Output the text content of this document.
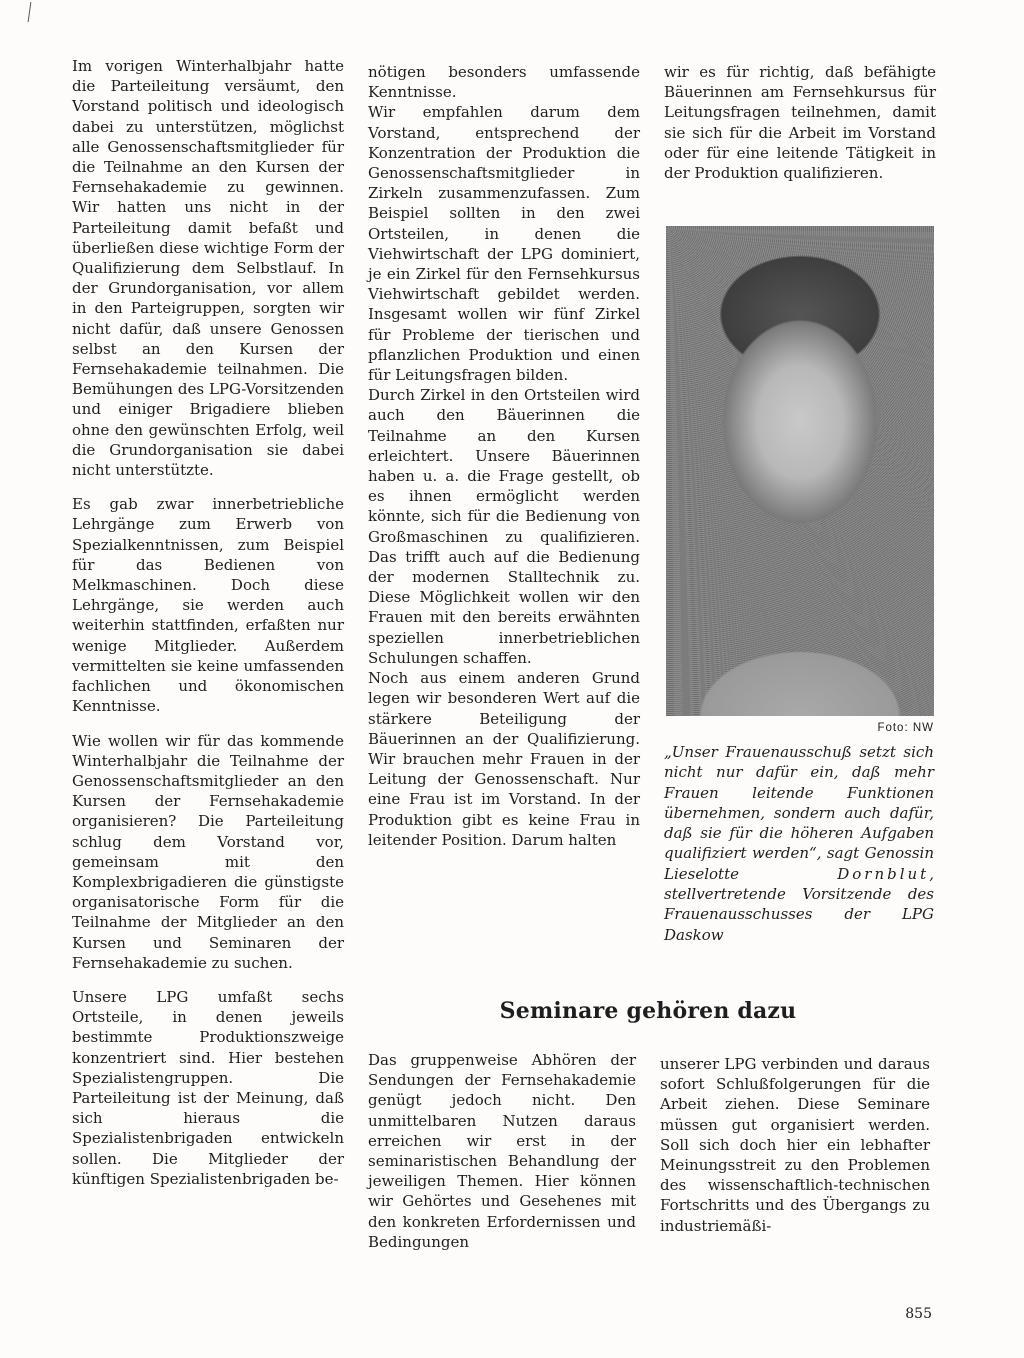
Im vorigen Winterhalbjahr hatte die Parteileitung versäumt, den Vorstand politisch und ideologisch dabei zu unterstützen, möglichst alle Genossenschaftsmitglieder für die Teilnahme an den Kursen der Fernsehakademie zu gewinnen. Wir hatten uns nicht in der Parteileitung damit befaßt und überließen diese wichtige Form der Qualifizierung dem Selbstlauf. In der Grundorganisation, vor allem in den Parteigruppen, sorgten wir nicht dafür, daß unsere Genossen selbst an den Kursen der Fernsehakademie teilnahmen. Die Bemühungen des LPG-Vorsitzenden und einiger Brigadiere blieben ohne den gewünschten Erfolg, weil die Grundorganisation sie dabei nicht unterstützte.

Es gab zwar innerbetriebliche Lehrgänge zum Erwerb von Spezialkenntnissen, zum Beispiel für das Bedienen von Melkmaschinen. Doch diese Lehrgänge, sie werden auch weiterhin stattfinden, erfaßten nur wenige Mitglieder. Außerdem vermittelten sie keine umfassenden fachlichen und ökonomischen Kenntnisse.

Wie wollen wir für das kommende Winterhalbjahr die Teilnahme der Genossenschaftsmitglieder an den Kursen der Fernsehakademie organisieren? Die Parteileitung schlug dem Vorstand vor, gemeinsam mit den Komplexbrigadieren die günstigste organisatorische Form für die Teilnahme der Mitglieder an den Kursen und Seminaren der Fernsehakademie zu suchen.

Unsere LPG umfaßt sechs Ortsteile, in denen jeweils bestimmte Produktionszweige konzentriert sind. Hier bestehen Spezialistengruppen. Die Parteileitung ist der Meinung, daß sich hieraus die Spezialistenbrigaden entwickeln sollen. Die Mitglieder der künftigen Spezialistenbrigaden be-

nötigen besonders umfassende Kenntnisse.

Wir empfahlen darum dem Vorstand, entsprechend der Konzentration der Produktion die Genossenschaftsmitglieder in Zirkeln zusammenzufassen. Zum Beispiel sollten in den zwei Ortsteilen, in denen die Viehwirtschaft der LPG dominiert, je ein Zirkel für den Fernsehkursus Viehwirtschaft gebildet werden. Insgesamt wollen wir fünf Zirkel für Probleme der tierischen und pflanzlichen Produktion und einen für Leitungsfragen bilden.

Durch Zirkel in den Ortsteilen wird auch den Bäuerinnen die Teilnahme an den Kursen erleichtert. Unsere Bäuerinnen haben u. a. die Frage gestellt, ob es ihnen ermöglicht werden könnte, sich für die Bedienung von Großmaschinen zu qualifizieren. Das trifft auch auf die Bedienung der modernen Stalltechnik zu. Diese Möglichkeit wollen wir den Frauen mit den bereits erwähnten speziellen innerbetrieblichen Schulungen schaffen.

Noch aus einem anderen Grund legen wir besonderen Wert auf die stärkere Beteiligung der Bäuerinnen an der Qualifizierung. Wir brauchen mehr Frauen in der Leitung der Genossenschaft. Nur eine Frau ist im Vorstand. In der Produktion gibt es keine Frau in leitender Position. Darum halten

wir es für richtig, daß befähigte Bäuerinnen am Fernsehkursus für Leitungsfragen teilnehmen, damit sie sich für die Arbeit im Vorstand oder für eine leitende Tätigkeit in der Produktion qualifizieren.

Foto: NW
„Unser Frauenausschuß setzt sich nicht nur dafür ein, daß mehr Frauen leitende Funktionen übernehmen, sondern auch dafür, daß sie für die höheren Aufgaben qualifiziert werden“, sagt Genossin Lieselotte	Dornblut, stellvertretende Vorsitzende des Frauenausschusses der LPG Daskow
Seminare gehören dazu

Das gruppenweise Abhören der Sendungen der Fernsehakademie genügt jedoch nicht. Den unmittelbaren Nutzen daraus erreichen wir erst in der seminaristischen Behandlung der jeweiligen Themen. Hier können wir Gehörtes und Gesehenes mit den konkreten Erfordernissen und Bedingungen

unserer LPG verbinden und daraus sofort Schlußfolgerungen für die Arbeit ziehen. Diese Seminare müssen gut organisiert werden. Soll sich doch hier ein lebhafter Meinungsstreit zu den Problemen des wissenschaftlich-technischen Fortschritts und des Übergangs zu industriemäßi-

855
